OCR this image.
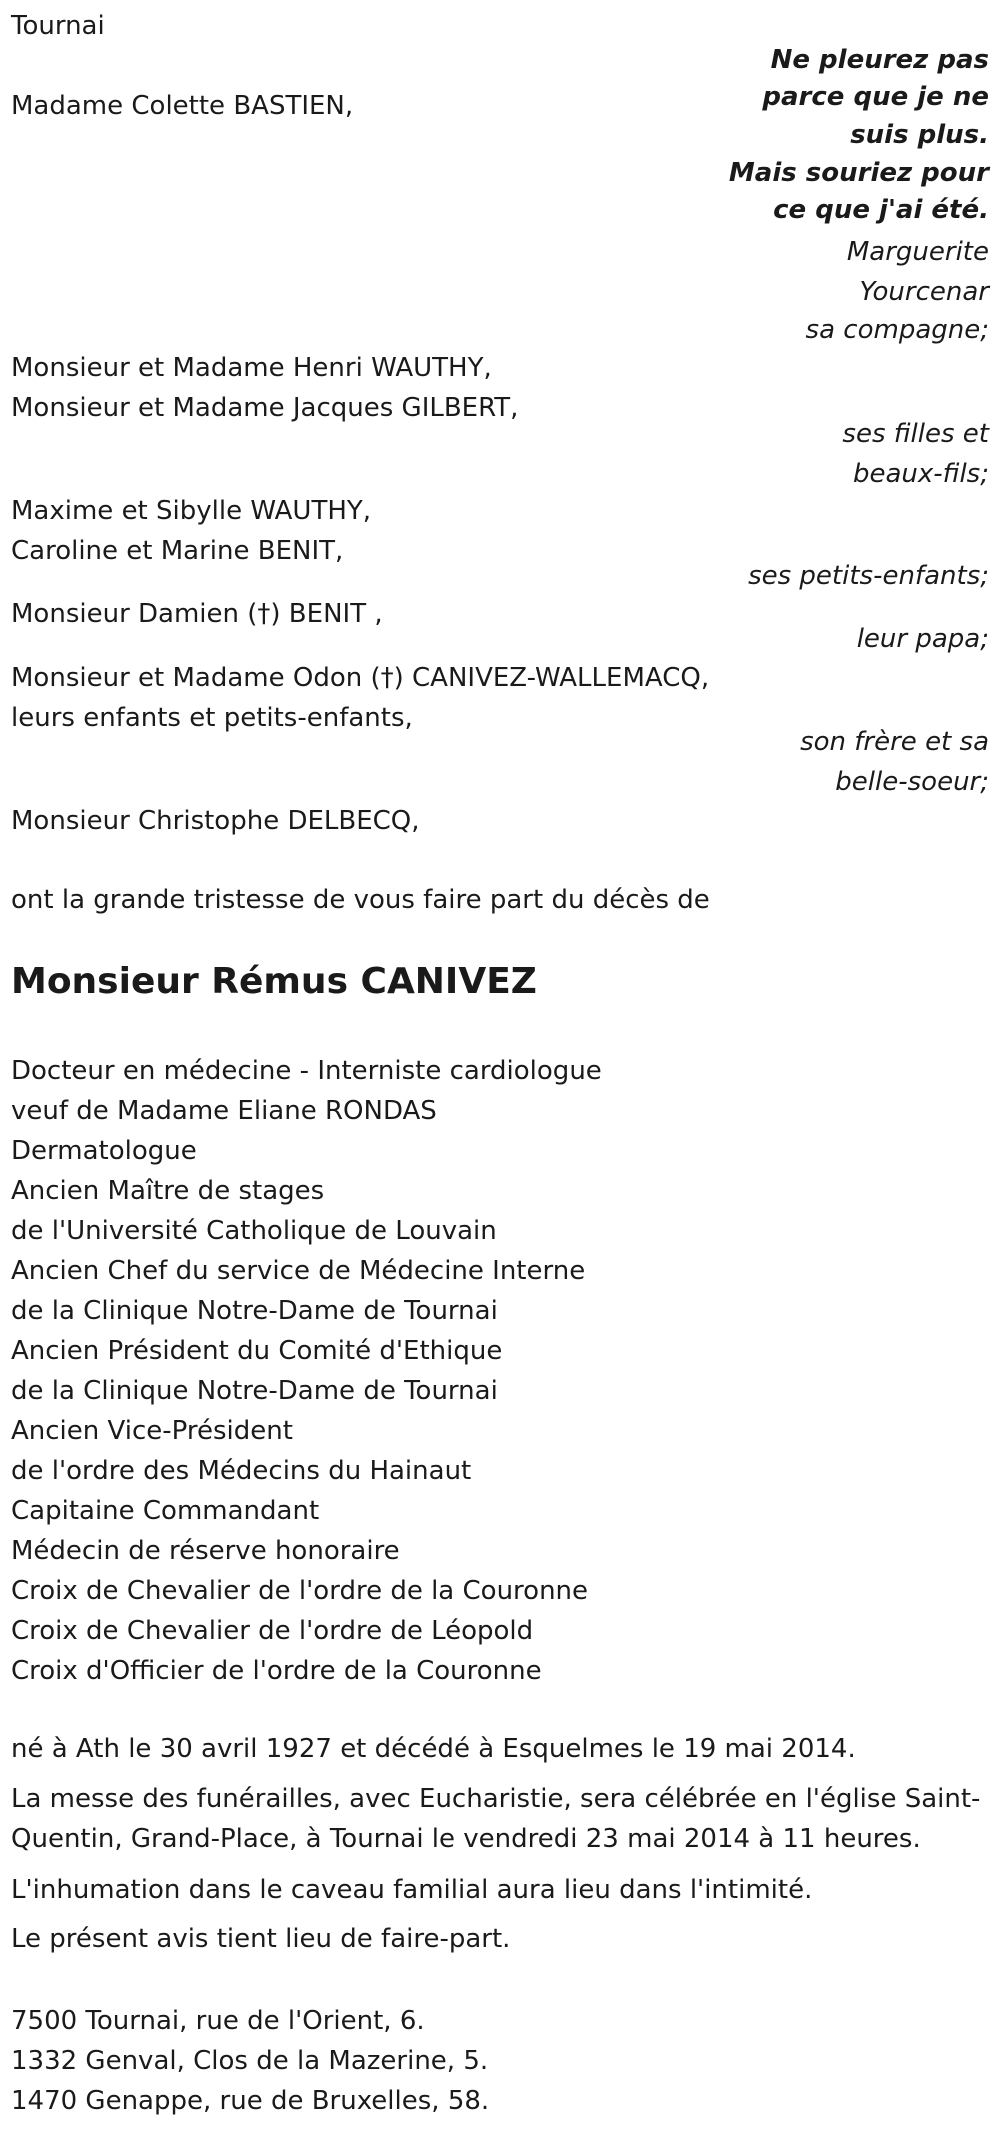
Tournai
Ne pleurez pas
parce que je ne
suis plus.
Mais souriez pour
ce que j'ai été.
Marguerite
Yourcenar
sa compagne;
Madame Colette BASTIEN,
Monsieur et Madame Henri WAUTHY,
Monsieur et Madame Jacques GILBERT,
ses filles et
beaux-fils;
Maxime et Sibylle WAUTHY,
Caroline et Marine BENIT,
ses petits-enfants;
Monsieur Damien (†) BENIT ,
leur papa;
Monsieur et Madame Odon (†) CANIVEZ-WALLEMACQ,
leurs enfants et petits-enfants,
son frère et sa
belle-soeur;
Monsieur Christophe DELBECQ,
ont la grande tristesse de vous faire part du décès de
Monsieur Rémus CANIVEZ
Docteur en médecine - Interniste cardiologue
veuf de Madame Eliane RONDAS
Dermatologue
Ancien Maître de stages
de l'Université Catholique de Louvain
Ancien Chef du service de Médecine Interne
de la Clinique Notre-Dame de Tournai
Ancien Président du Comité d'Ethique
de la Clinique Notre-Dame de Tournai
Ancien Vice-Président
de l'ordre des Médecins du Hainaut
Capitaine Commandant
Médecin de réserve honoraire
Croix de Chevalier de l'ordre de la Couronne
Croix de Chevalier de l'ordre de Léopold
Croix d'Officier de l'ordre de la Couronne
né à Ath le 30 avril 1927 et décédé à Esquelmes le 19 mai 2014.
La messe des funérailles, avec Eucharistie, sera célébrée en l'église Saint-Quentin, Grand-Place, à Tournai le vendredi 23 mai 2014 à 11 heures.
L'inhumation dans le caveau familial aura lieu dans l'intimité.
Le présent avis tient lieu de faire-part.
7500 Tournai, rue de l'Orient, 6.
1332 Genval, Clos de la Mazerine, 5.
1470 Genappe, rue de Bruxelles, 58.
